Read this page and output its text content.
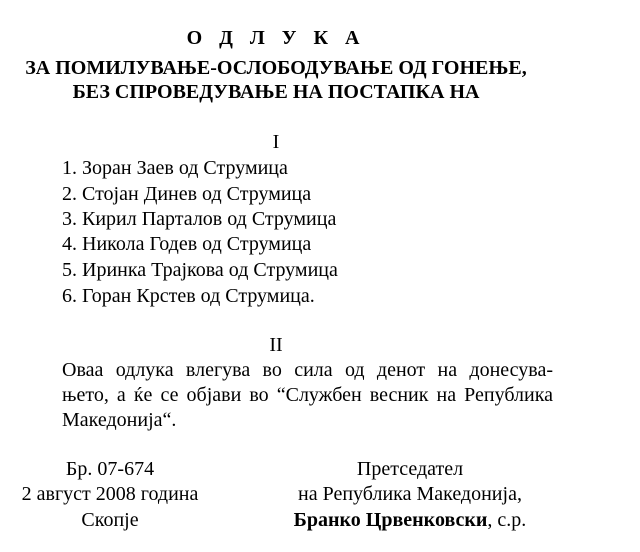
О Д Л У К А
ЗА ПОМИЛУВАЊЕ-ОСЛОБОДУВАЊЕ ОД ГОНЕЊЕ,
БЕЗ СПРОВЕДУВАЊЕ НА ПОСТАПКА НА
I
1. Зоран Заев од Струмица
2. Стојан Динев од Струмица
3. Кирил Парталов од Струмица
4. Никола Годев од Струмица
5. Иринка Трајкова од Струмица
6. Горан Крстев од Струмица.
II
Оваа одлука влегува во сила од денот на донесува-
њето, а ќе се објави во “Службен весник на Република
Македонија“.
Бр. 07-674
2 август 2008 година
Скопје
Претседател
на Република Македонија,
Бранко Црвенковски, с.р.
